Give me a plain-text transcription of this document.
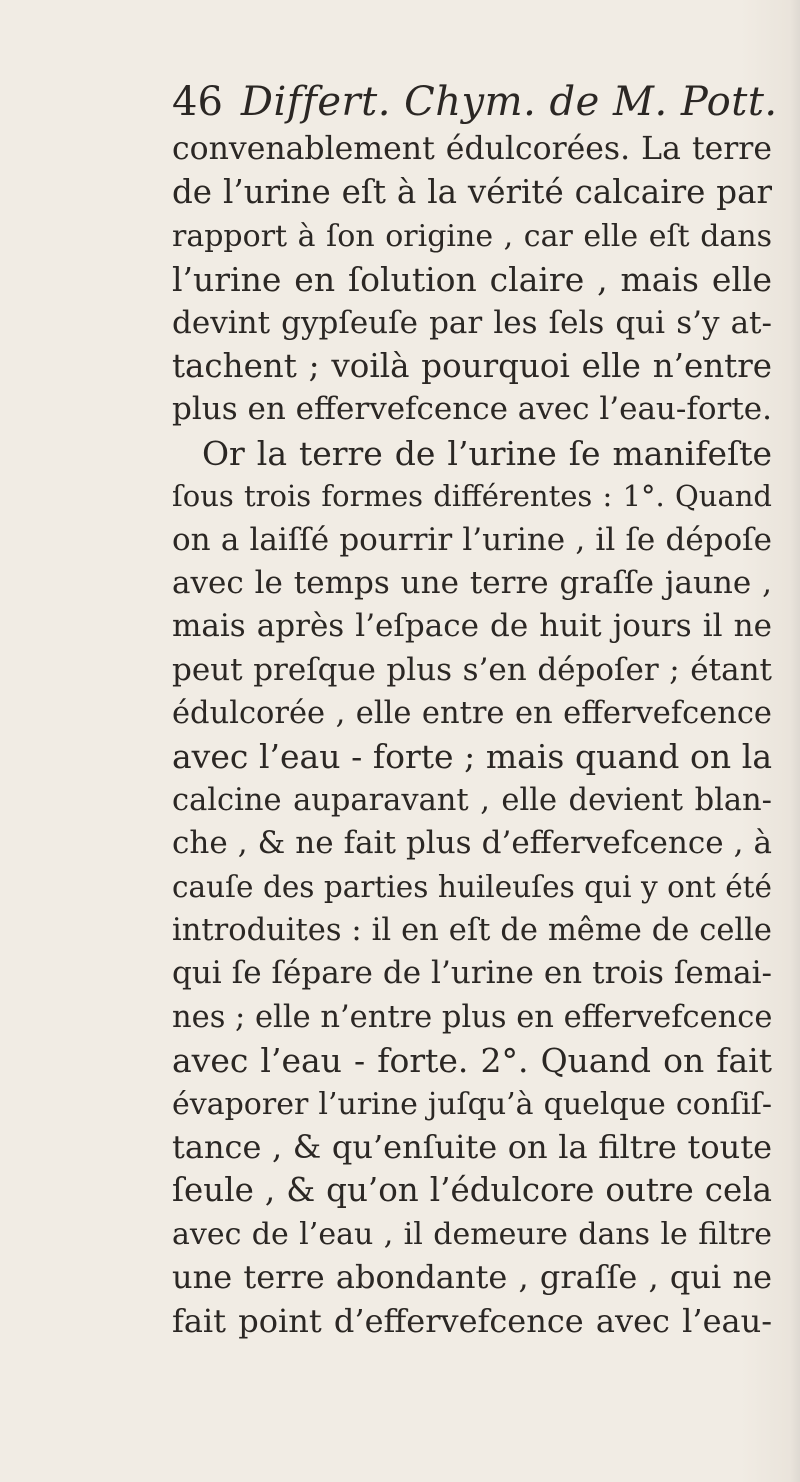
46 Differt. Chym. de M. Pott.
convenablement édulcorées. La terre
de l’urine eſt à la vérité calcaire par
rapport à ſon origine , car elle eſt dans
l’urine en ſolution claire , mais elle
devint gypſeuſe par les ſels qui s’y at-
tachent ; voilà pourquoi elle n’entre
plus en effervefcence avec l’eau-forte.
Or la terre de l’urine ſe manifeſte
ſous trois formes différentes : 1°. Quand
on a laiſſé pourrir l’urine , il ſe dépoſe
avec le temps une terre graſſe jaune ,
mais après l’eſpace de huit jours il ne
peut preſque plus s’en dépoſer ; étant
édulcorée , elle entre en effervefcence
avec l’eau - forte ; mais quand on la
calcine auparavant , elle devient blan-
che , & ne fait plus d’effervefcence , à
cauſe des parties huileuſes qui y ont été
introduites : il en eſt de même de celle
qui ſe ſépare de l’urine en trois ſemai-
nes ; elle n’entre plus en effervefcence
avec l’eau - forte. 2°. Quand on fait
évaporer l’urine juſqu’à quelque conſiſ-
tance , & qu’enſuite on la filtre toute
ſeule , & qu’on l’édulcore outre cela
avec de l’eau , il demeure dans le filtre
une terre abondante , graſſe , qui ne
fait point d’effervefcence avec l’eau-
